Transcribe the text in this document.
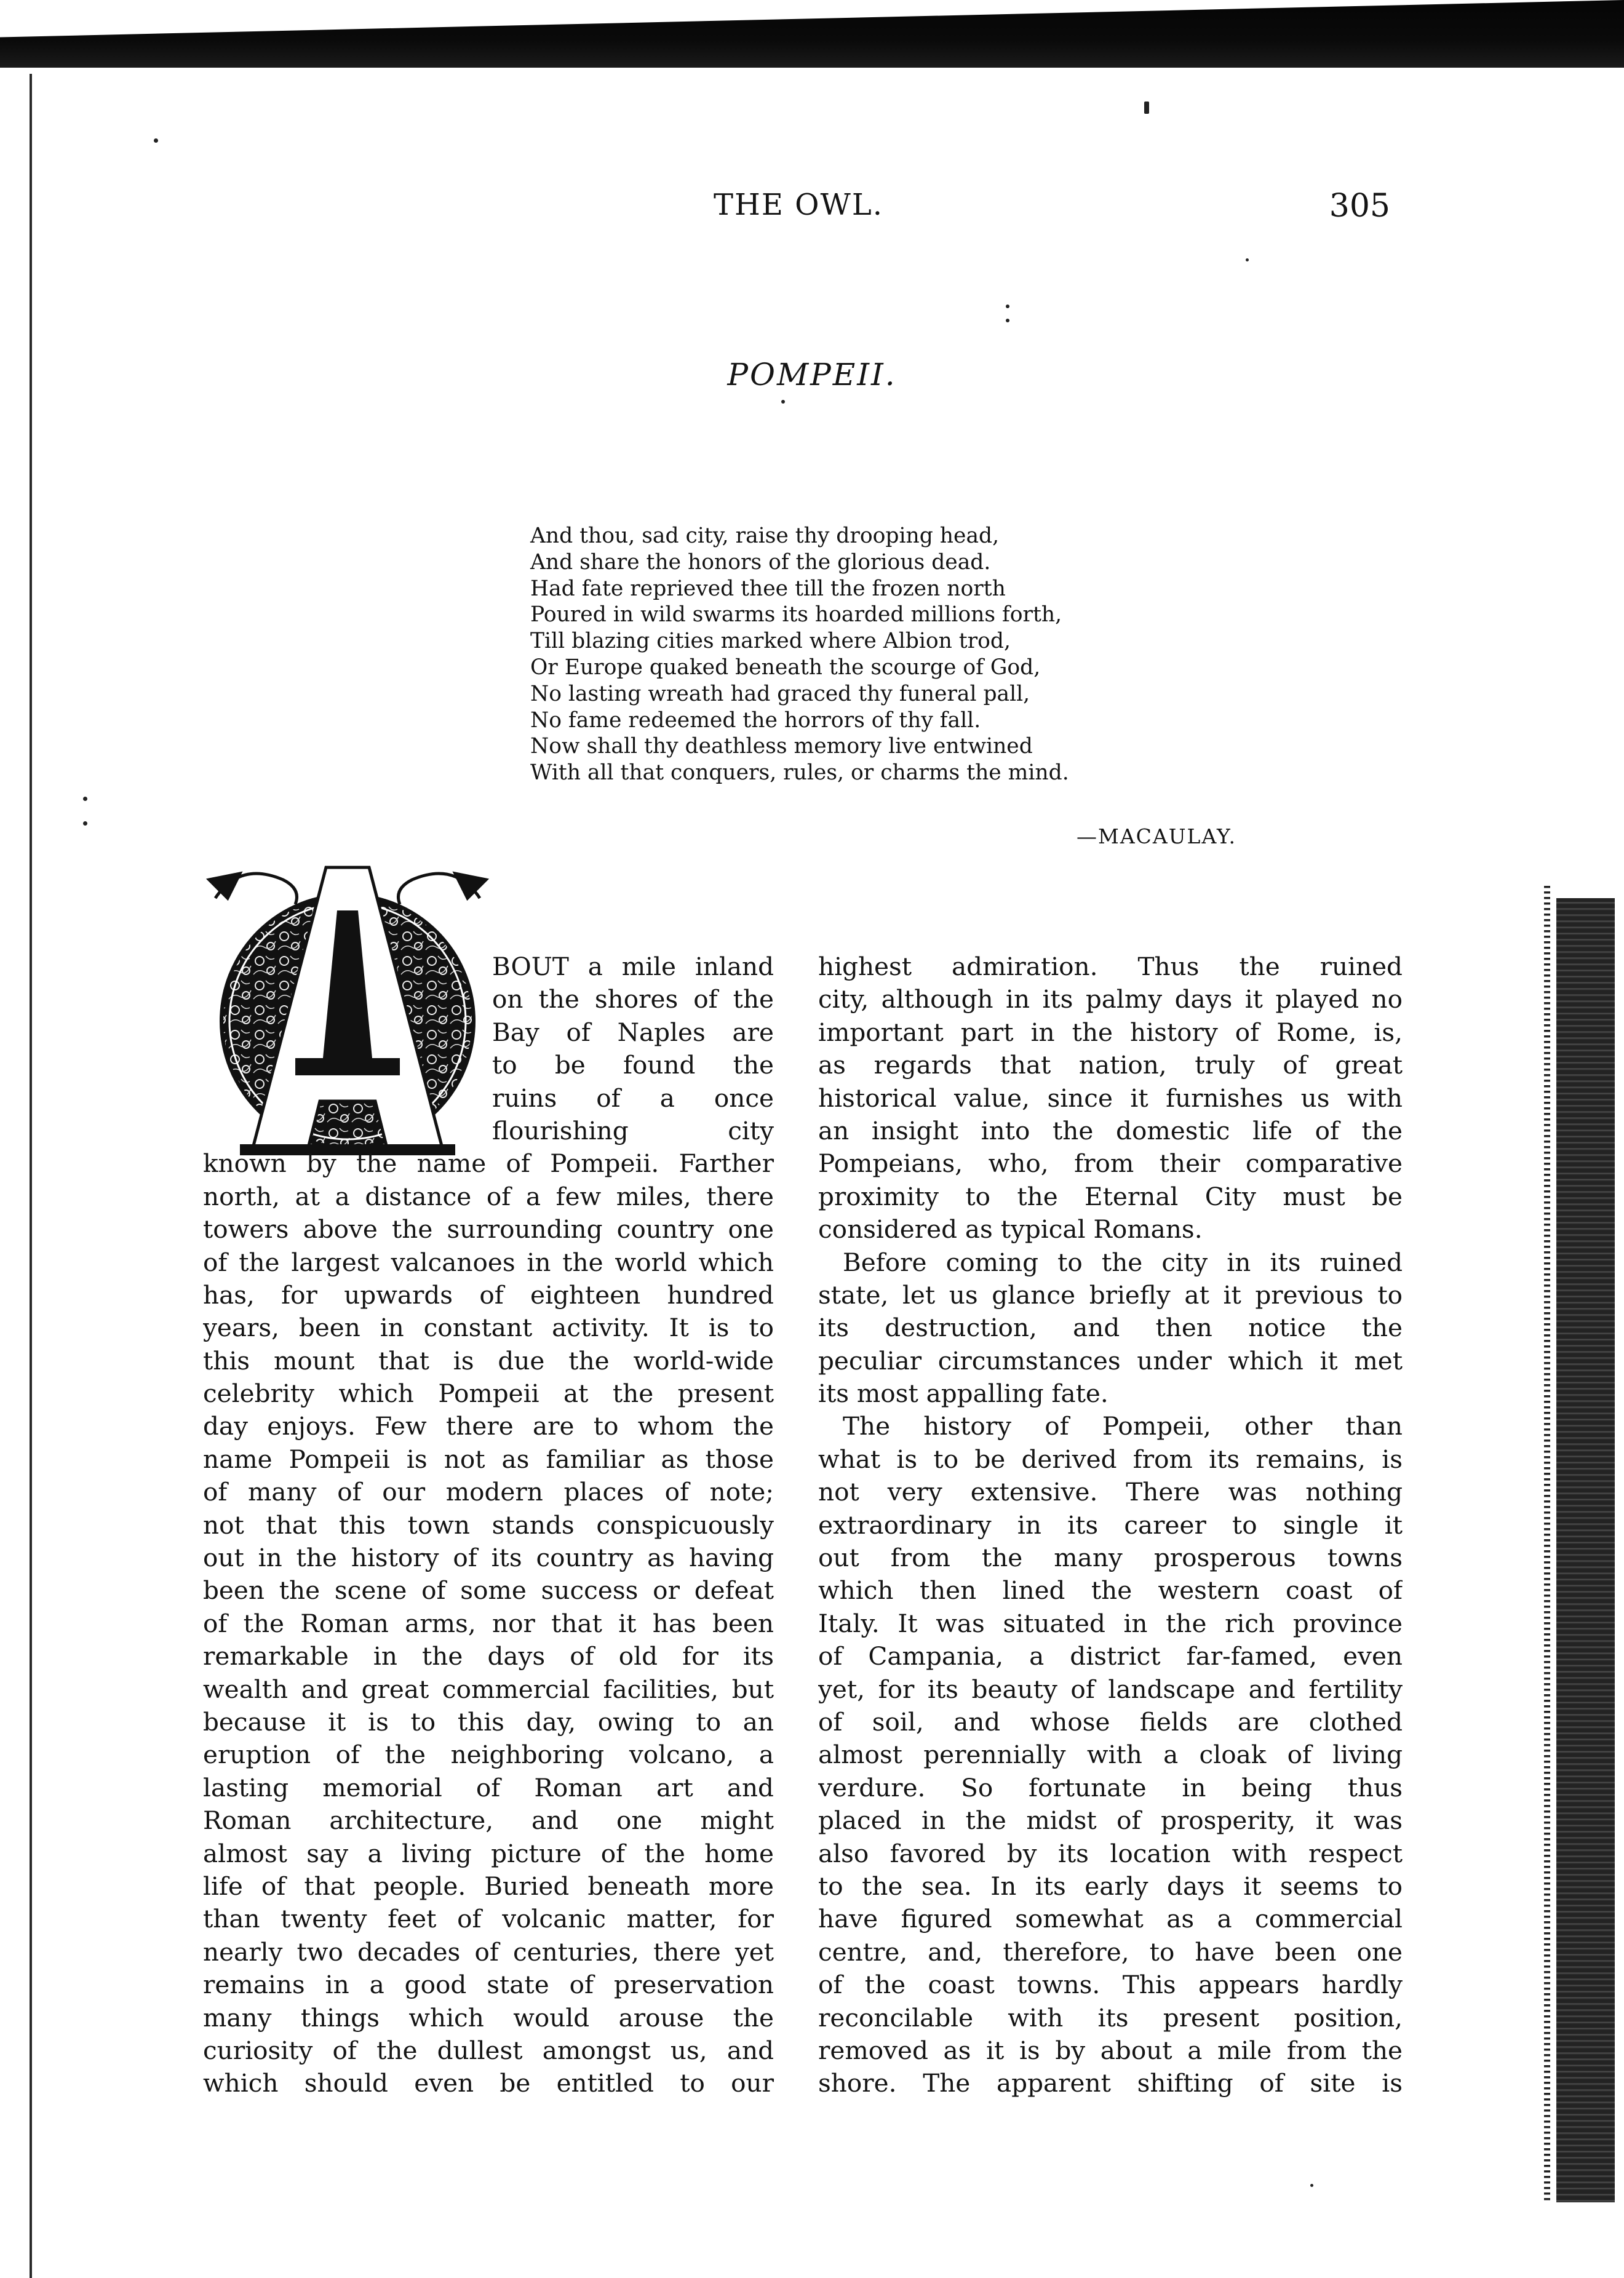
THE OWL.	305
POMPEII.
And thou, sad city, raise thy drooping head,
And share the honors of the glorious dead.
Had fate reprieved thee till the frozen north
Poured in wild swarms its hoarded millions forth,
Till blazing cities marked where Albion trod,
Or Europe quaked beneath the scourge of God,
No lasting wreath had graced thy funeral pall,
No fame redeemed the horrors of thy fall.
Now shall thy deathless memory live entwined
With all that conquers, rules, or charms the mind.
—MACAULAY.
A
BOUT a mile inland
on the shores of the
Bay of Naples are
to be found the
ruins of a once
flourishing city
known by the name of Pompeii. Farther
north, at a distance of a few miles, there
towers above the surrounding country one
of the largest valcanoes in the world which
has, for upwards of eighteen hundred
years, been in constant activity. It is to
this mount that is due the world-wide
celebrity which Pompeii at the present
day enjoys. Few there are to whom the
name Pompeii is not as familiar as those
of many of our modern places of note;
not that this town stands conspicuously
out in the history of its country as having
been the scene of some success or defeat
of the Roman arms, nor that it has been
remarkable in the days of old for its
wealth and great commercial facilities, but
because it is to this day, owing to an
eruption of the neighboring volcano, a
lasting memorial of Roman art and
Roman architecture, and one might
almost say a living picture of the home
life of that people. Buried beneath more
than twenty feet of volcanic matter, for
nearly two decades of centuries, there yet
remains in a good state of preservation
many things which would arouse the
curiosity of the dullest amongst us, and
which should even be entitled to our
highest admiration. Thus the ruined
city, although in its palmy days it played no
important part in the history of Rome, is,
as regards that nation, truly of great
historical value, since it furnishes us with
an insight into the domestic life of the
Pompeians, who, from their comparative
proximity to the Eternal City must be
considered as typical Romans.
Before coming to the city in its ruined
state, let us glance briefly at it previous to
its destruction, and then notice the
peculiar circumstances under which it met
its most appalling fate.
The history of Pompeii, other than
what is to be derived from its remains, is
not very extensive. There was nothing
extraordinary in its career to single it
out from the many prosperous towns
which then lined the western coast of
Italy. It was situated in the rich province
of Campania, a district far-famed, even
yet, for its beauty of landscape and fertility
of soil, and whose fields are clothed
almost perennially with a cloak of living
verdure. So fortunate in being thus
placed in the midst of prosperity, it was
also favored by its location with respect
to the sea. In its early days it seems to
have figured somewhat as a commercial
centre, and, therefore, to have been one
of the coast towns. This appears hardly
reconcilable with its present position,
removed as it is by about a mile from the
shore. The apparent shifting of site is
